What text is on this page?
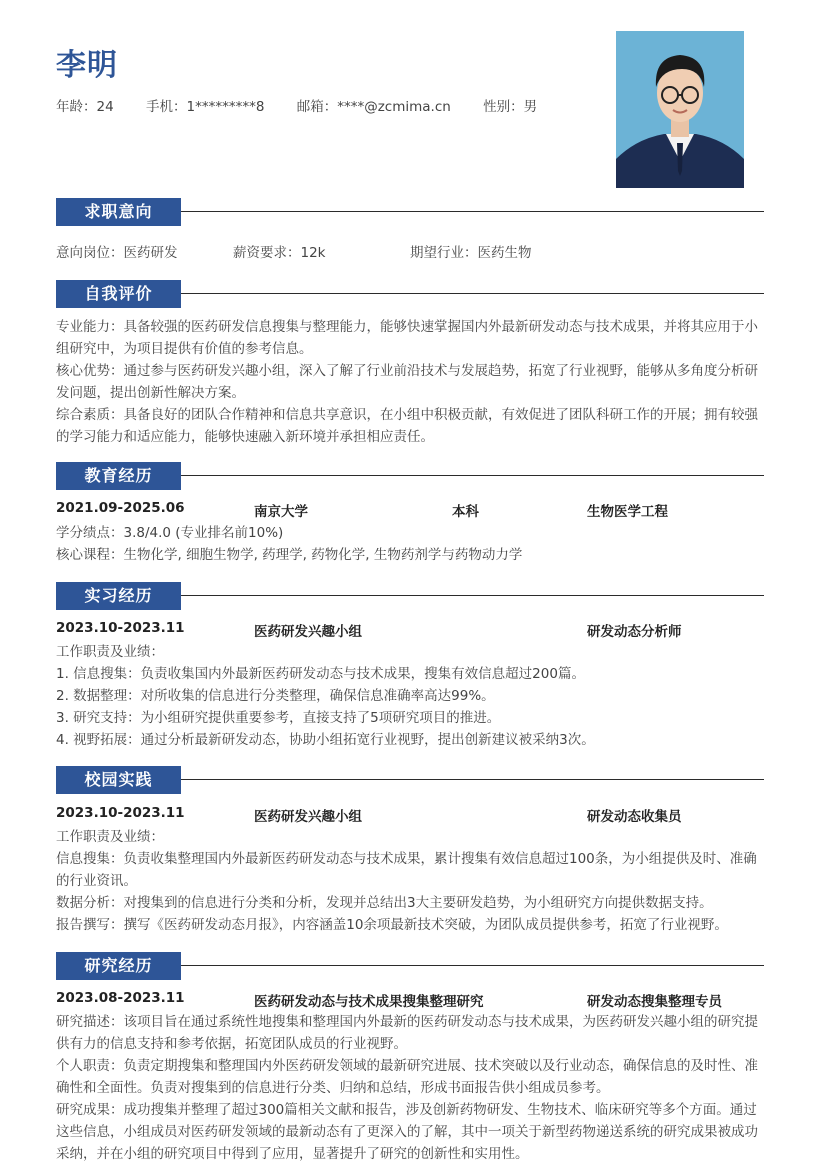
李明
年龄：24 手机：1*********8 邮箱：****@zcmima.cn 性别：男
求职意向
意向岗位：医药研发	薪资要求：12k	期望行业：医药生物
自我评价

专业能力：具备较强的医药研发信息搜集与整理能力，能够快速掌握国内外最新研发动态与技术成果，并将其应用于小组研究中，为项目提供有价值的参考信息。

核心优势：通过参与医药研发兴趣小组，深入了解了行业前沿技术与发展趋势，拓宽了行业视野，能够从多角度分析研发问题，提出创新性解决方案。

综合素质：具备良好的团队合作精神和信息共享意识，在小组中积极贡献，有效促进了团队科研工作的开展；拥有较强的学习能力和适应能力，能够快速融入新环境并承担相应责任。

教育经历
2021.09-2025.06	南京大学	本科	生物医学工程

学分绩点：3.8/4.0 (专业排名前10%)

核心课程：生物化学, 细胞生物学, 药理学, 药物化学, 生物药剂学与药物动力学

实习经历
2023.10-2023.11	医药研发兴趣小组	研发动态分析师

工作职责及业绩：

1. 信息搜集：负责收集国内外最新医药研发动态与技术成果，搜集有效信息超过200篇。

2. 数据整理：对所收集的信息进行分类整理，确保信息准确率高达99%。

3. 研究支持：为小组研究提供重要参考，直接支持了5项研究项目的推进。

4. 视野拓展：通过分析最新研发动态，协助小组拓宽行业视野，提出创新建议被采纳3次。

校园实践
2023.10-2023.11	医药研发兴趣小组	研发动态收集员

工作职责及业绩：

信息搜集：负责收集整理国内外最新医药研发动态与技术成果，累计搜集有效信息超过100条，为小组提供及时、准确的行业资讯。

数据分析：对搜集到的信息进行分类和分析，发现并总结出3大主要研发趋势，为小组研究方向提供数据支持。

报告撰写：撰写《医药研发动态月报》，内容涵盖10余项最新技术突破，为团队成员提供参考，拓宽了行业视野。

研究经历
2023.08-2023.11	医药研发动态与技术成果搜集整理研究	研发动态搜集整理专员

研究描述：该项目旨在通过系统性地搜集和整理国内外最新的医药研发动态与技术成果，为医药研发兴趣小组的研究提供有力的信息支持和参考依据，拓宽团队成员的行业视野。

个人职责：负责定期搜集和整理国内外医药研发领域的最新研究进展、技术突破以及行业动态，确保信息的及时性、准确性和全面性。负责对搜集到的信息进行分类、归纳和总结，形成书面报告供小组成员参考。

研究成果：成功搜集并整理了超过300篇相关文献和报告，涉及创新药物研发、生物技术、临床研究等多个方面。通过这些信息，小组成员对医药研发领域的最新动态有了更深入的了解，其中一项关于新型药物递送系统的研究成果被成功采纳，并在小组的研究项目中得到了应用，显著提升了研究的创新性和实用性。
